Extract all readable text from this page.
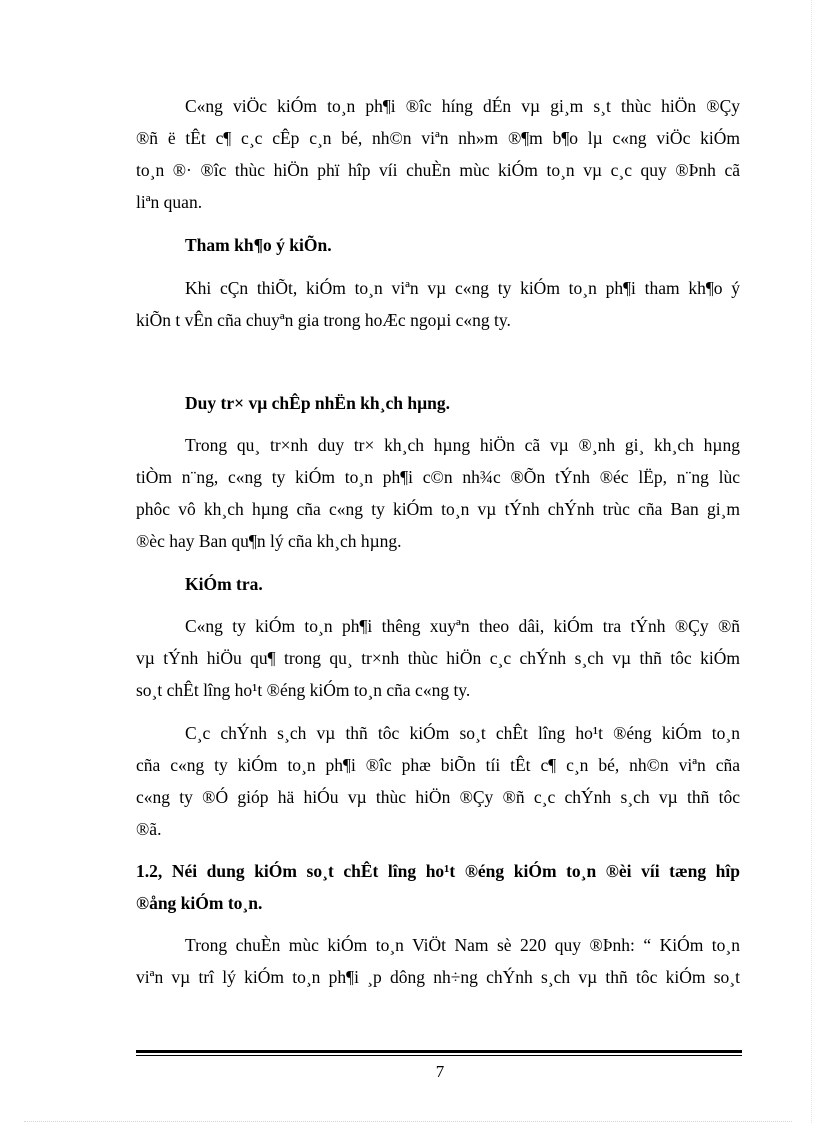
C«ng viÖc kiÓm to¸n ph¶i ®îc híng dÉn vµ gi¸m s¸t thùc hiÖn ®Çy
®ñ ë tÊt c¶ c¸c cÊp c¸n bé, nh©n viªn nh»m ®¶m b¶o lµ c«ng viÖc kiÓm
to¸n ®· ®îc thùc hiÖn phï hîp víi chuÈn mùc kiÓm to¸n vµ c¸c quy ®Þnh cã
liªn quan.
Tham kh¶o ý kiÕn.
Khi cÇn thiÕt, kiÓm to¸n viªn vµ c«ng ty kiÓm to¸n ph¶i tham kh¶o ý
kiÕn t vÊn cña chuyªn gia trong hoÆc ngoµi c«ng ty.
Duy tr× vµ chÊp nhËn kh¸ch hµng.
Trong qu¸ tr×nh duy tr× kh¸ch hµng hiÖn cã vµ ®¸nh gi¸ kh¸ch hµng
tiÒm n¨ng, c«ng ty kiÓm to¸n ph¶i c©n nh¾c ®Õn tÝnh ®éc lËp, n¨ng lùc
phôc vô kh¸ch hµng cña c«ng ty kiÓm to¸n vµ tÝnh chÝnh trùc cña Ban gi¸m
®èc hay Ban qu¶n lý cña kh¸ch hµng.
KiÓm tra.
C«ng ty kiÓm to¸n ph¶i thêng xuyªn theo dâi, kiÓm tra tÝnh ®Çy ®ñ
vµ tÝnh hiÖu qu¶ trong qu¸ tr×nh thùc hiÖn c¸c chÝnh s¸ch vµ thñ tôc kiÓm
so¸t chÊt lîng ho¹t ®éng kiÓm to¸n cña c«ng ty.
C¸c chÝnh s¸ch vµ thñ tôc kiÓm so¸t chÊt lîng ho¹t ®éng kiÓm to¸n
cña c«ng ty kiÓm to¸n ph¶i ®îc phæ biÕn tíi tÊt c¶ c¸n bé, nh©n viªn cña
c«ng ty ®Ó gióp hä hiÓu vµ thùc hiÖn ®Çy ®ñ c¸c chÝnh s¸ch vµ thñ tôc
®ã.
1.2, Néi dung kiÓm so¸t chÊt lîng ho¹t ®éng kiÓm to¸n ®èi víi tæng hîp
®ång kiÓm to¸n.
Trong chuÈn mùc kiÓm to¸n ViÖt Nam sè 220 quy ®Þnh: “ KiÓm to¸n
viªn vµ trî lý kiÓm to¸n ph¶i ¸p dông nh÷ng chÝnh s¸ch vµ thñ tôc kiÓm so¸t
7
